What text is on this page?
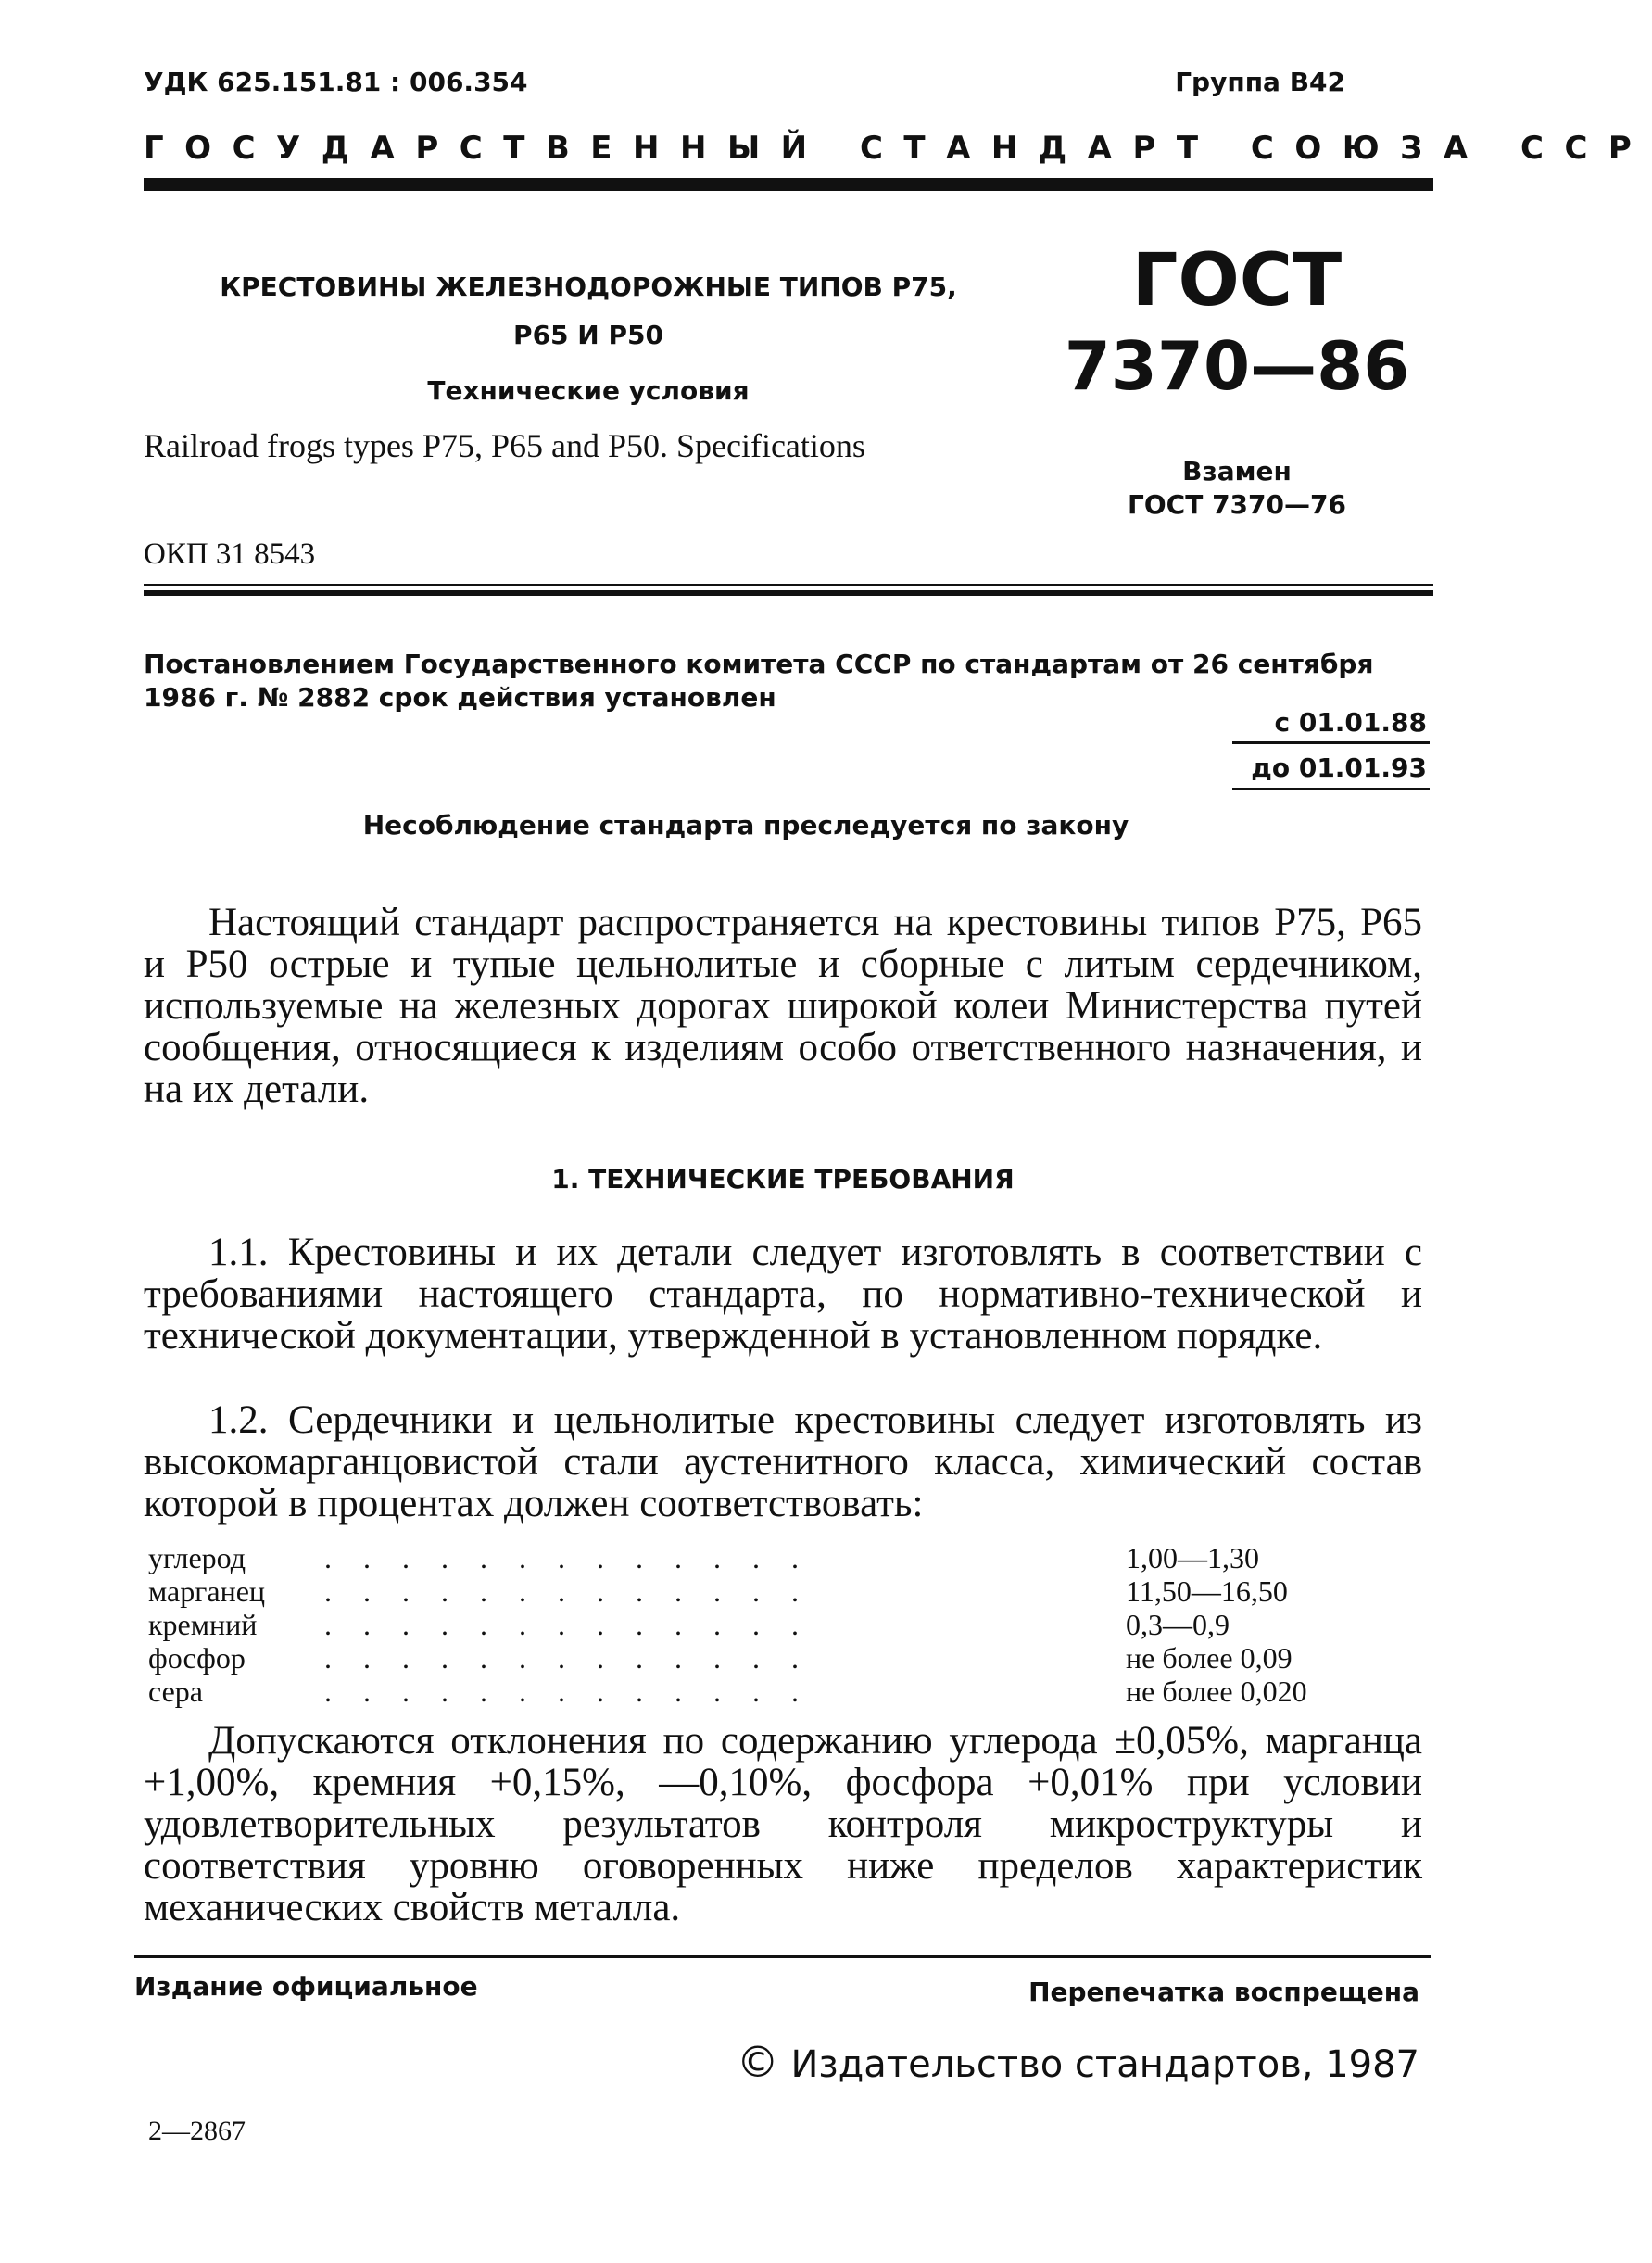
УДК 625.151.81 : 006.354	Группа В42
ГОСУДАРСТВЕННЫЙ СТАНДАРТ СОЮЗА ССР
КРЕСТОВИНЫ ЖЕЛЕЗНОДОРОЖНЫЕ ТИПОВ Р75,
Р65 И Р50
Технические условия
Railroad frogs types P75, P65 and P50. Specifications
ОКП 31 8543
ГОСТ
7370—86
Взамен
ГОСТ 7370—76
Постановлением Государственного комитета СССР по стандартам от 26 сентября
1986 г. № 2882 срок действия установлен
с 01.01.88
до 01.01.93
Несоблюдение стандарта преследуется по закону

Настоящий стандарт распространяется на крестовины типов Р75, Р65 и Р50 острые и тупые цельнолитые и сборные с литым сердечником, используемые на железных дорогах широкой колеи Министерства путей сообщения, относящиеся к изделиям особо ответственного назначения, и на их детали.

1. ТЕХНИЧЕСКИЕ ТРЕБОВАНИЯ

1.1. Крестовины и их детали следует изготовлять в соответствии с требованиями настоящего стандарта, по нормативно-технической и технической документации, утвержденной в установленном порядке.

1.2. Сердечники и цельнолитые крестовины следует изготовлять из высокомарганцовистой стали аустенитного класса, химический состав которой в процентах должен соответствовать:

углерод	.............	1,00—1,30
марганец .............	11,50—16,50
кремний .............	0,3—0,9
фосфор	.............	не более 0,09
сера	.............	не более 0,020

Допускаются отклонения по содержанию углерода ±0,05%, марганца +1,00%, кремния +0,15%, —0,10%, фосфора +0,01% при условии удовлетворительных результатов контроля микроструктуры и соответствия уровню оговоренных ниже пределов характеристик механических свойств металла.

Издание официальное	Перепечатка воспрещена
© Издательство стандартов, 1987
2—2867
